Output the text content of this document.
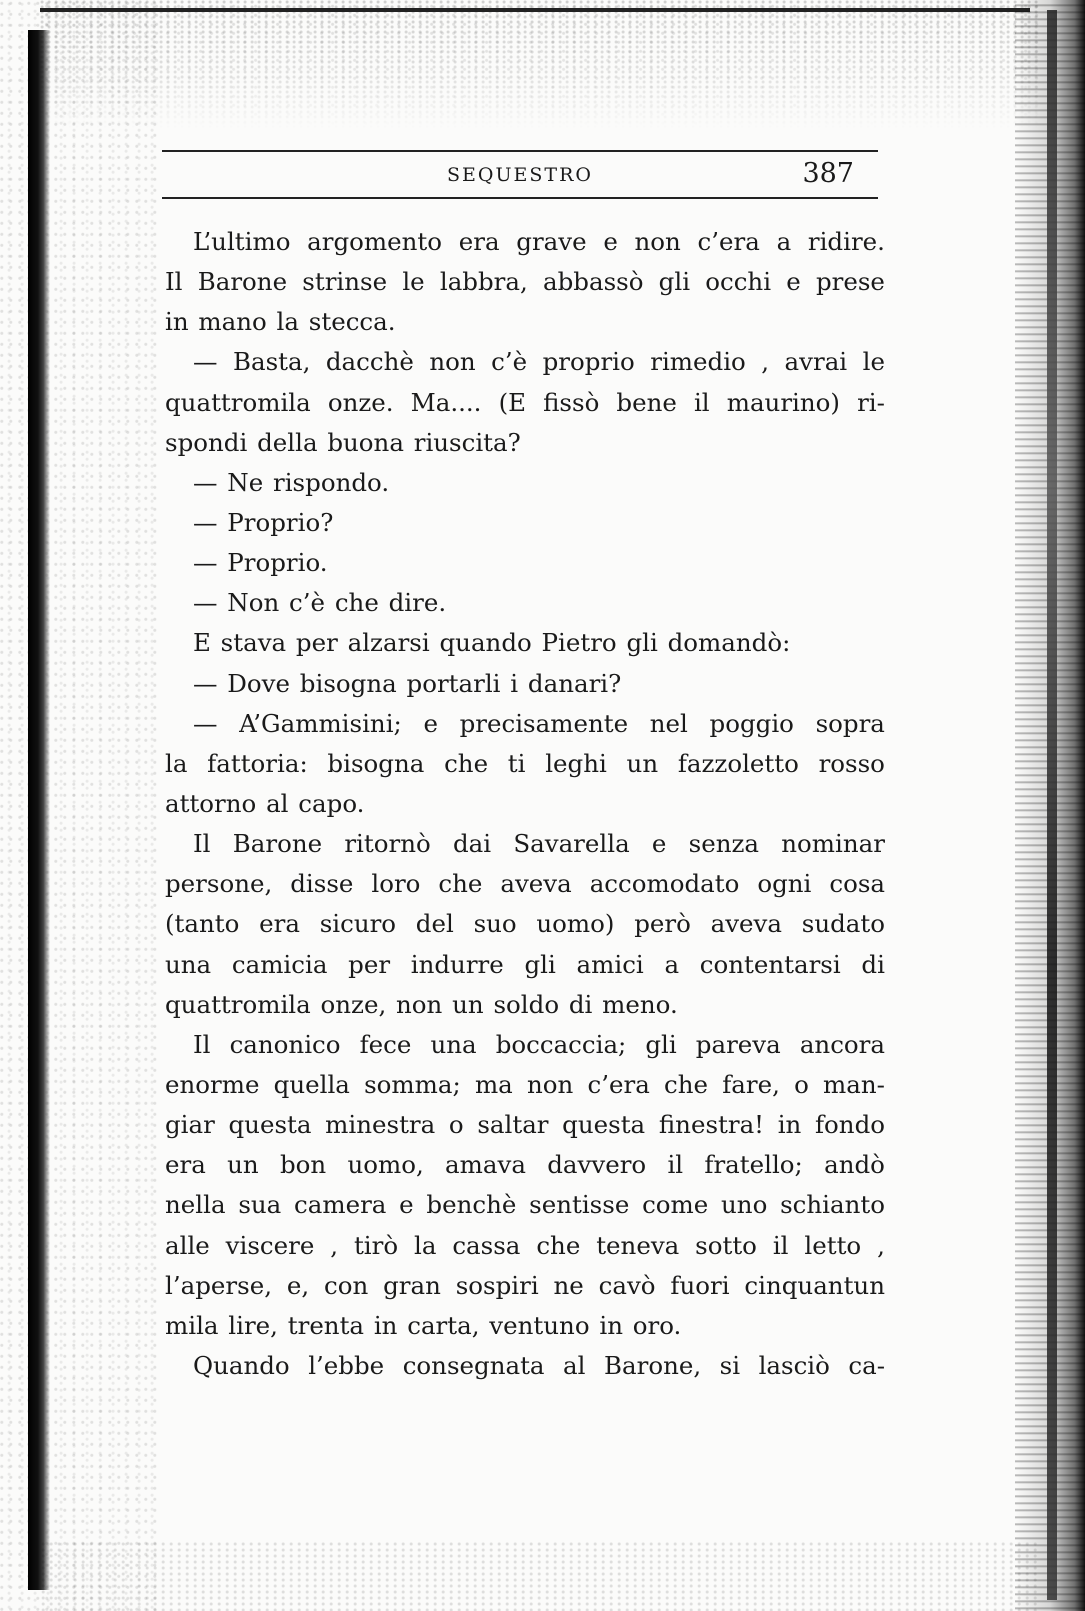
SEQUESTRO	387
L’ultimo argomento era grave e non c’era a ridire.
Il Barone strinse le labbra, abbassò gli occhi e prese
in mano la stecca.
— Basta, dacchè non c’è proprio rimedio , avrai le
quattromila onze. Ma.... (E fissò bene il maurino) ri-
spondi della buona riuscita?
— Ne rispondo.
— Proprio?
— Proprio.
— Non c’è che dire.
E stava per alzarsi quando Pietro gli domandò:
— Dove bisogna portarli i danari?
— A’Gammisini; e precisamente nel poggio sopra
la fattoria: bisogna che ti leghi un fazzoletto rosso
attorno al capo.
Il Barone ritornò dai Savarella e senza nominar
persone, disse loro che aveva accomodato ogni cosa
(tanto era sicuro del suo uomo) però aveva sudato
una camicia per indurre gli amici a contentarsi di
quattromila onze, non un soldo di meno.
Il canonico fece una boccaccia; gli pareva ancora
enorme quella somma; ma non c’era che fare, o man-
giar questa minestra o saltar questa finestra! in fondo
era un bon uomo, amava davvero il fratello; andò
nella sua camera e benchè sentisse come uno schianto
alle viscere , tirò la cassa che teneva sotto il letto ,
l’aperse, e, con gran sospiri ne cavò fuori cinquantun
mila lire, trenta in carta, ventuno in oro.
Quando l’ebbe consegnata al Barone, si lasciò ca-
